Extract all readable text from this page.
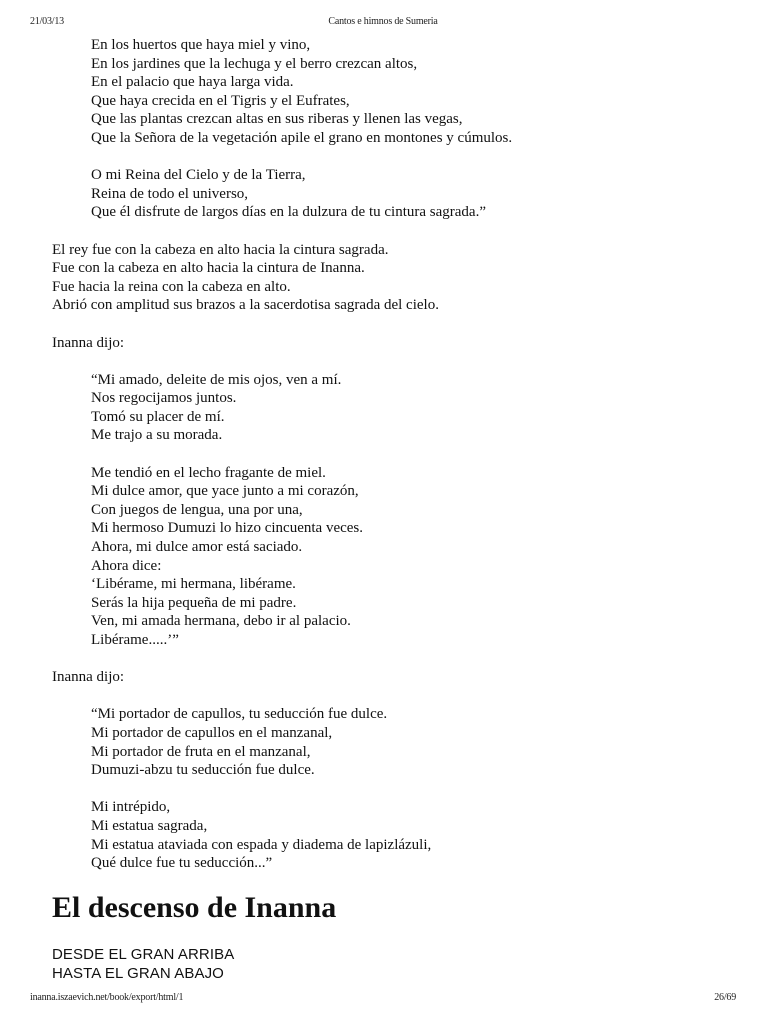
21/03/13	Cantos e himnos de Sumeria
En los huertos que haya miel y vino,
En los jardines que la lechuga y el berro crezcan altos,
En el palacio que haya larga vida.
Que haya crecida en el Tigris y el Eufrates,
Que las plantas crezcan altas en sus riberas y llenen las vegas,
Que la Señora de la vegetación apile el grano en montones y cúmulos.
O mi Reina del Cielo y de la Tierra,
Reina de todo el universo,
Que él disfrute de largos días en la dulzura de tu cintura sagrada.”
El rey fue con la cabeza en alto hacia la cintura sagrada.
Fue con la cabeza en alto hacia la cintura de Inanna.
Fue hacia la reina con la cabeza en alto.
Abrió con amplitud sus brazos a la sacerdotisa sagrada del cielo.
Inanna dijo:
“Mi amado, deleite de mis ojos, ven a mí.
Nos regocijamos juntos.
Tomó su placer de mí.
Me trajo a su morada.
Me tendió en el lecho fragante de miel.
Mi dulce amor, que yace junto a mi corazón,
Con juegos de lengua, una por una,
Mi hermoso Dumuzi lo hizo cincuenta veces.
Ahora, mi dulce amor está saciado.
Ahora dice:
‘Libérame, mi hermana, libérame.
Serás la hija pequeña de mi padre.
Ven, mi amada hermana, debo ir al palacio.
Libérame.....’”
Inanna dijo:
“Mi portador de capullos, tu seducción fue dulce.
Mi portador de capullos en el manzanal,
Mi portador de fruta en el manzanal,
Dumuzi-abzu tu seducción fue dulce.
Mi intrépido,
Mi estatua sagrada,
Mi estatua ataviada con espada y diadema de lapizlázuli,
Qué dulce fue tu seducción...”
El descenso de Inanna
DESDE EL GRAN ARRIBA
HASTA EL GRAN ABAJO
inanna.iszaevich.net/book/export/html/1	26/69
